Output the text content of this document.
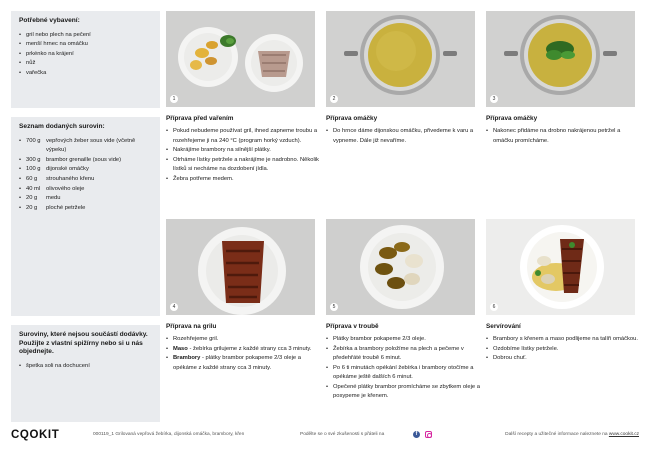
Potřebné vybavení:
• gril nebo plech na pečení
• menší hrnec na omáčku
• prkénko na krájení
• nůž
• vařečka
Seznam dodaných surovin:
• 700 g vepřových žeber sous vide (včetně výpeku)
• 300 g brambor grenaille (sous vide)
• 100 g dijonské omáčky
• 60 g	strouhaného křenu
• 40 ml	olivového oleje
• 20 g	medu
• 20 g	ploché petržele
Suroviny, které nejsou součástí dodávky. Použijte z vlastní spižírny nebo si u nás objednejte.
• špetka soli na dochucení
1	2	3
4	5	6
Příprava před vařením
• Pokud nebudeme používat gril, ihned zapneme troubu a rozehřejeme ji na 240 °C (program horký vzduch).
• Nakrájíme brambory na silnější plátky.
• Otrháme lístky petržele a nakrájíme je nadrobno. Několik lístků si necháme na dozdobení jídla.
• Žebra potřeme medem.
Příprava omáčky
• Do hrnce dáme dijonskou omáčku, přivedeme k varu a vypneme. Dále již nevaříme.
Příprava omáčky
• Nakonec přidáme na drobno nakrájenou petržel a omáčku promícháme.
Příprava na grilu
• Rozehřejeme gril.
• Maso - žebírka grilujeme z každé strany cca 3 minuty.
• Brambory - plátky brambor pokapeme 2/3 oleje a opékáme z každé strany cca 3 minuty.
Příprava v troubě
• Plátky brambor pokapeme 2/3 oleje.
• Žebírka a brambory položíme na plech a pečeme v předehřáté troubě 6 minut.
• Po 6 ti minutách opékání žebírka i brambory otočíme a opékáme ještě dalších 6 minut.
• Opečené plátky brambor promícháme se zbytkem oleje a posypeme je křenem.
Servírování
• Brambory s křenem a maso podlijeme na talíři omáčkou.
• Ozdobíme lístky petržele.
• Dobrou chuť.
CQOKIT	000119_1 Grilovaná vepřová žebírka, dijonská omáčka, brambory, křen	Podělte se o své zkušenosti s přáteli na	f	Další recepty a užitečné informace naleznete na www.cookit.cz
